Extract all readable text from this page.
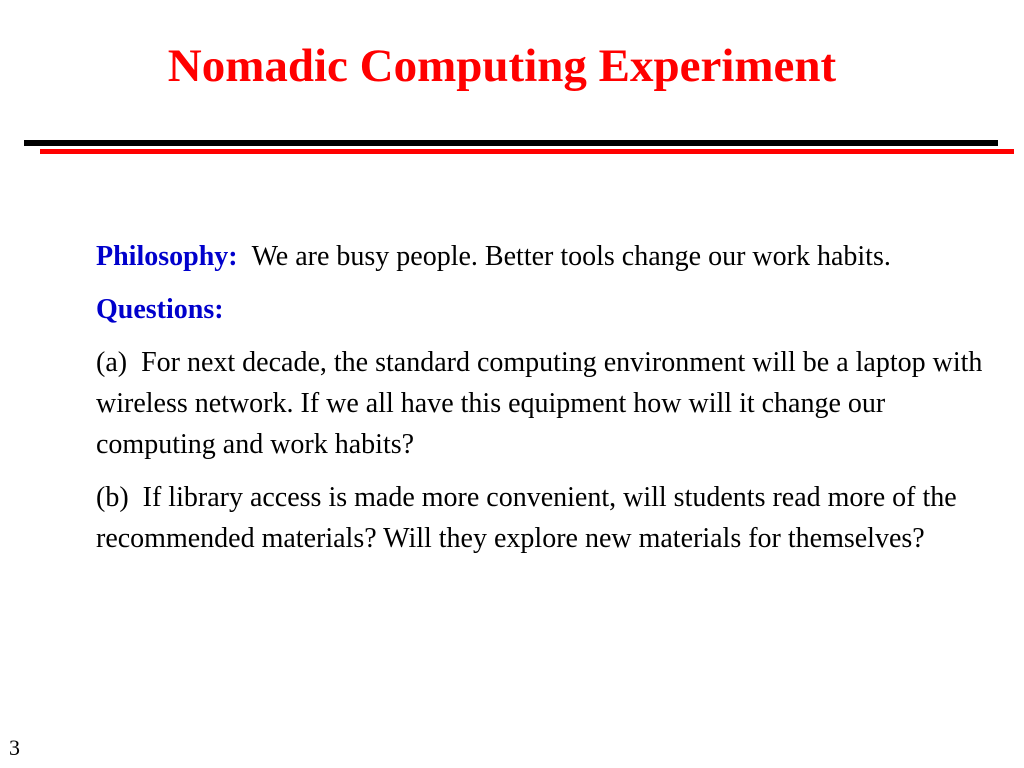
Nomadic Computing Experiment

Philosophy: We are busy people. Better tools change our work habits.

Questions:

(a) For next decade, the standard computing environment will be a laptop with wireless network. If we all have this equipment how will it change our computing and work habits?

(b) If library access is made more convenient, will students read more of the recommended materials? Will they explore new materials for themselves?

3
